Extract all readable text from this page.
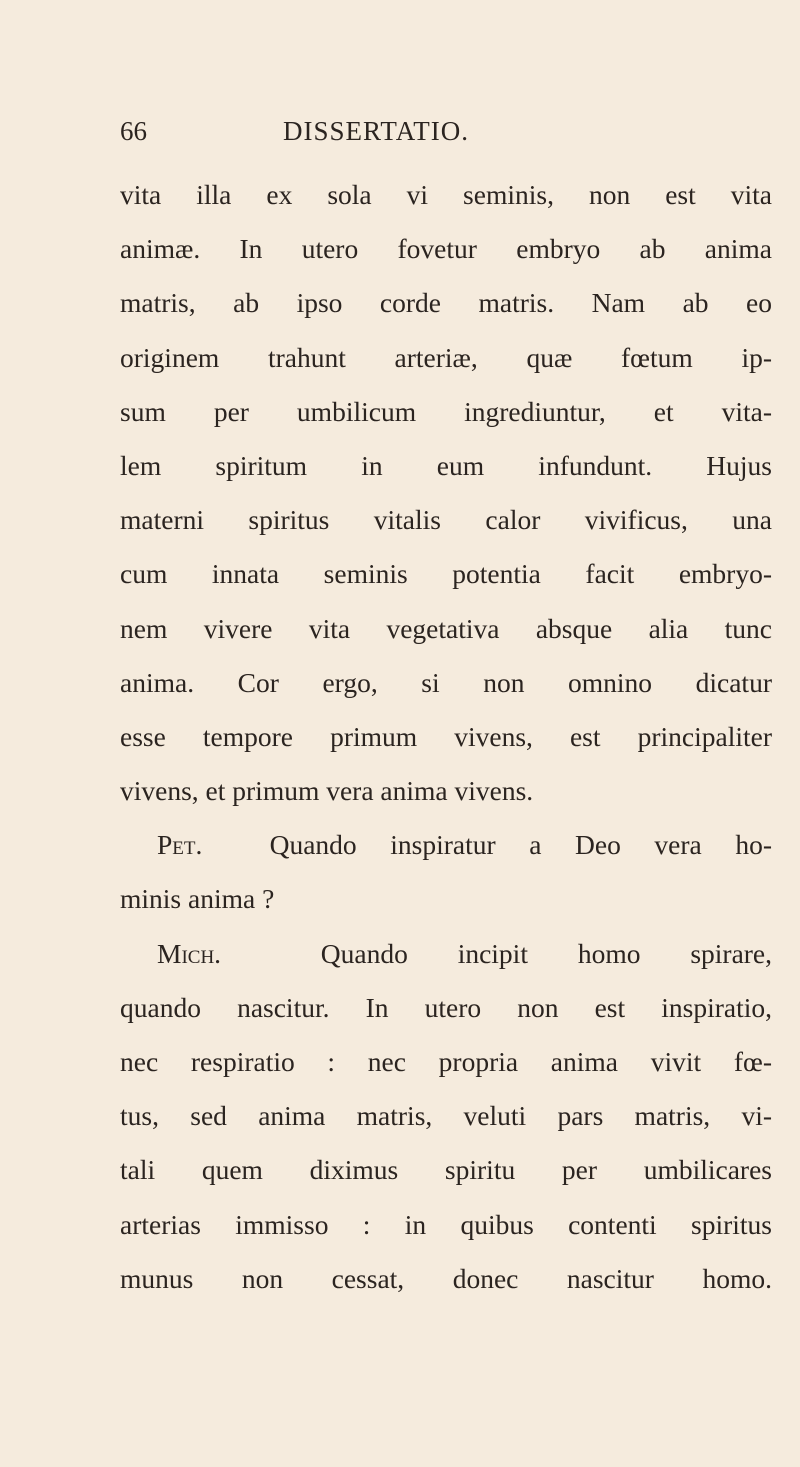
66	DISSERTATIO.
vita illa ex sola vi seminis, non est vita
animæ. In utero fovetur embryo ab anima
matris, ab ipso corde matris. Nam ab eo
originem trahunt arteriæ, quæ fœtum ip-
sum per umbilicum ingrediuntur, et vita-
lem spiritum in eum infundunt. Hujus
materni spiritus vitalis calor vivificus, una
cum innata seminis potentia facit embryo-
nem vivere vita vegetativa absque alia tunc
anima. Cor ergo, si non omnino dicatur
esse tempore primum vivens, est principaliter
vivens, et primum vera anima vivens.
Pet. Quando inspiratur a Deo vera ho-
minis anima ?
Mich.	Quando incipit homo spirare,
quando nascitur. In utero non est inspiratio,
nec respiratio : nec propria anima vivit fœ-
tus, sed anima matris, veluti pars matris, vi-
tali quem diximus spiritu per umbilicares
arterias immisso : in quibus contenti spiritus
munus non cessat, donec nascitur homo.
